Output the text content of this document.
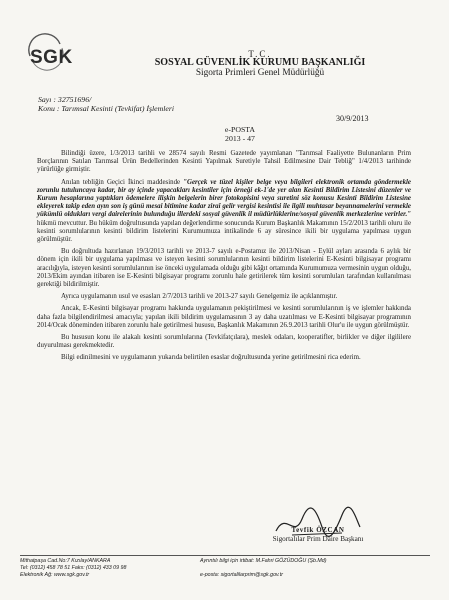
SGK	T.C.
SOSYAL GÜVENLİK KURUMU BAŞKANLIĞI
Sigorta Primleri Genel Müdürlüğü
Sayı : 32751696/
Konu : Tarımsal Kesinti (Tevkifat) İşlemleri
30/9/2013
e-POSTA
2013 - 47

Bilindiği üzere, 1/3/2013 tarihli ve 28574 sayılı Resmi Gazetede yayımlanan "Tarımsal Faaliyette Bulunanların Prim Borçlarının Satılan Tarımsal Ürün Bedellerinden Kesinti Yapılmak Suretiyle Tahsil Edilmesine Dair Tebliğ" 1/4/2013 tarihinde yürürlüğe girmiştir.

Anılan tebliğin Geçici İkinci maddesinde "Gerçek ve tüzel kişiler belge veya bilgileri elektronik ortamda göndermekle zorunlu tutuluncaya kadar, bir ay içinde yapacakları kesintiler için örneği ek-1'de yer alan Kesinti Bildirim Listesini düzenler ve Kurum hesaplarına yaptıkları ödemelere ilişkin belgelerin birer fotokopisini veya suretini söz konusu Kesinti Bildirim Listesine ekleyerek takip eden ayın son iş günü mesai bitimine kadar ziraî gelir vergisi kesintisi ile ilgili muhtasar beyannamelerini vermekle yükümlü oldukları vergi dairelerinin bulunduğu illerdeki sosyal güvenlik il müdürlüklerine/sosyal güvenlik merkezlerine verirler." hükmü mevcuttur. Bu hüküm doğrultusunda yapılan değerlendirme sonucunda Kurum Başkanlık Makamının 15/2/2013 tarihli oluru ile kesinti sorumlularının kesinti bildirim listelerini Kurumumuza intikalinde 6 ay süresince ikili bir uygulama yapılması uygun görülmüştür.

Bu doğrultuda hazırlanan 19/3/2013 tarihli ve 2013-7 sayılı e-Postamız ile 2013/Nisan - Eylül ayları arasında 6 aylık bir dönem için ikili bir uygulama yapılması ve isteyen kesinti sorumlularının kesinti bildirim listelerini E-Kesinti bilgisayar programı aracılığıyla, isteyen kesinti sorumlularının ise önceki uygulamada olduğu gibi kâğıt ortamında Kurumumuza vermesinin uygun olduğu, 2013/Ekim ayından itibaren ise E-Kesinti bilgisayar programı zorunlu hale getirilerek tüm kesinti sorumluları tarafından kullanılması gerektiği bildirilmiştir.

Ayrıca uygulamanın usul ve esasları 2/7/2013 tarihli ve 2013-27 sayılı Genelgemiz ile açıklanmıştır.

Ancak, E-Kesinti bilgisayar programı hakkında uygulamanın pekiştirilmesi ve kesinti sorumlularının iş ve işlemler hakkında daha fazla bilgilendirilmesi amacıyla; yapılan ikili bildirim uygulamasının 3 ay daha uzatılması ve E-Kesinti bilgisayar programının 2014/Ocak döneminden itibaren zorunlu hale getirilmesi hususu, Başkanlık Makamının 26.9.2013 tarihli Olur'u ile uygun görülmüştür.

Bu hususun konu ile alakalı kesinti sorumlularına (Tevkifatçılara), meslek odaları, kooperatifler, birlikler ve diğer ilgililere duyurulması gerekmektedir.

Bilgi edinilmesini ve uygulamanın yukarıda belirtilen esaslar doğrultusunda yerine getirilmesini rica ederim.

Tevfik ÖZCAN
Sigortalılar Prim Daire Başkanı
Mithatpaşa Cad.No:7 Kızılay/ANKARA	Ayrıntılı bilgi için irtibat: M.Fahri GÖZÜDOĞU (Şb.Md)
Tel: (0312) 458 78 51 Faks: (0312) 433 09 98
Elektronik Ağ: www.sgk.gov.tr	e-posta: sigortalilarprim@sgk.gov.tr
